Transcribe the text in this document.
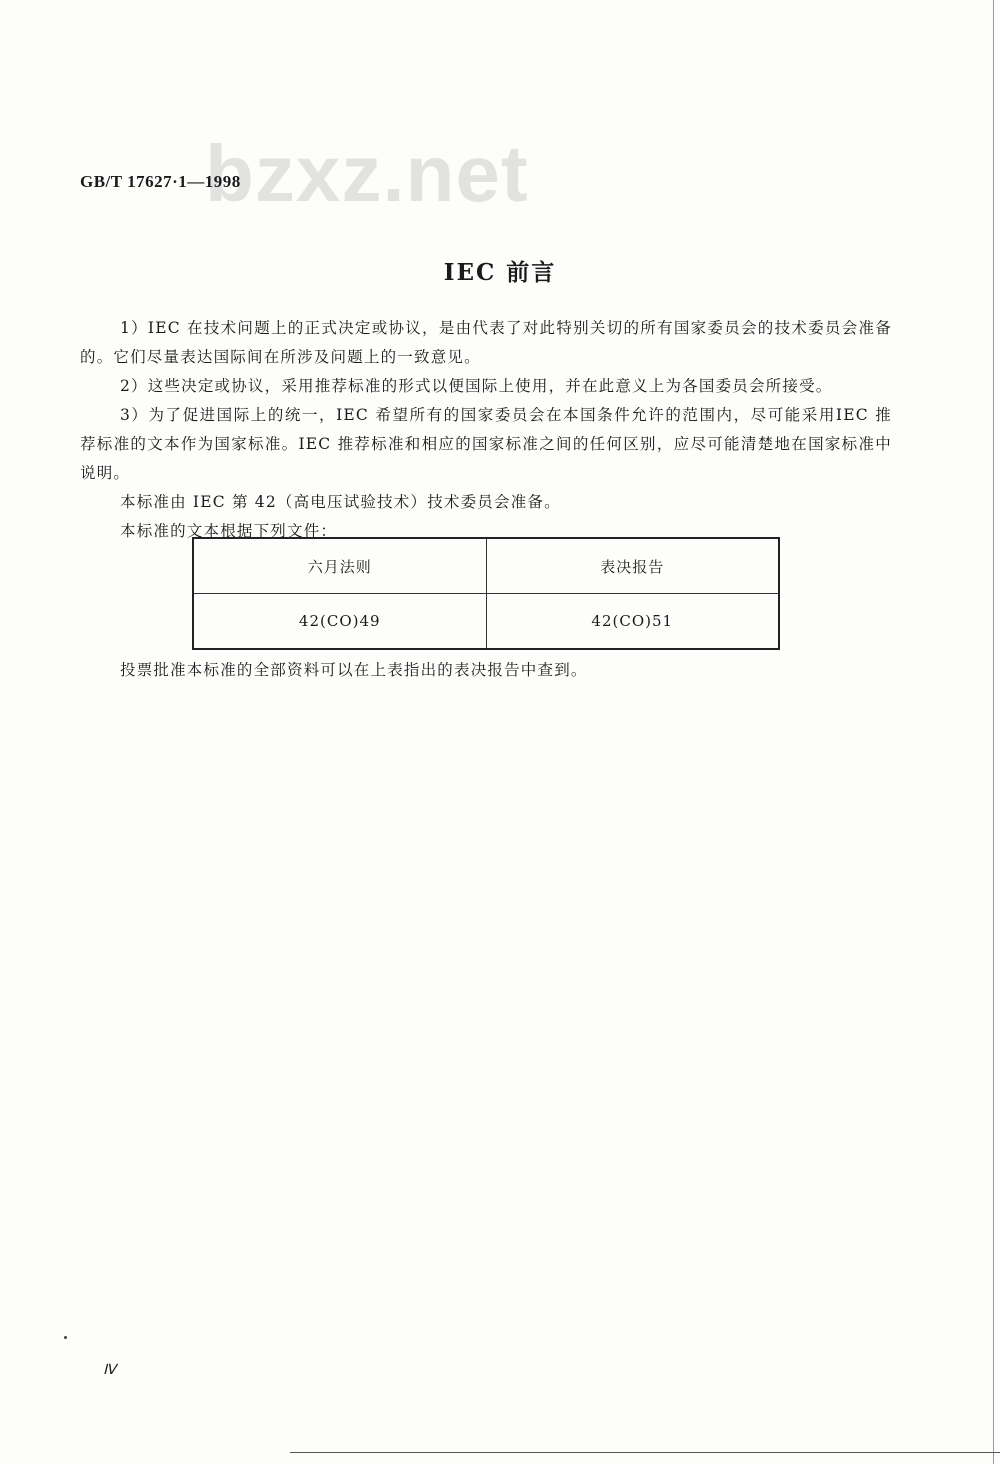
bzxz.net
GB/T 17627·1—1998
IEC 前言

1）IEC 在技术问题上的正式决定或协议，是由代表了对此特别关切的所有国家委员会的技术委员会准备的。它们尽量表达国际间在所涉及问题上的一致意见。

2）这些决定或协议，采用推荐标准的形式以便国际上使用，并在此意义上为各国委员会所接受。

3）为了促进国际上的统一，IEC 希望所有的国家委员会在本国条件允许的范围内，尽可能采用IEC 推荐标准的文本作为国家标准。IEC 推荐标准和相应的国家标准之间的任何区别，应尽可能清楚地在国家标准中说明。

本标准由 IEC 第 42（高电压试验技术）技术委员会准备。

本标准的文本根据下列文件：

六月法则	表决报告
42(CO)49	42(CO)51

投票批准本标准的全部资料可以在上表指出的表决报告中查到。

Ⅳ
